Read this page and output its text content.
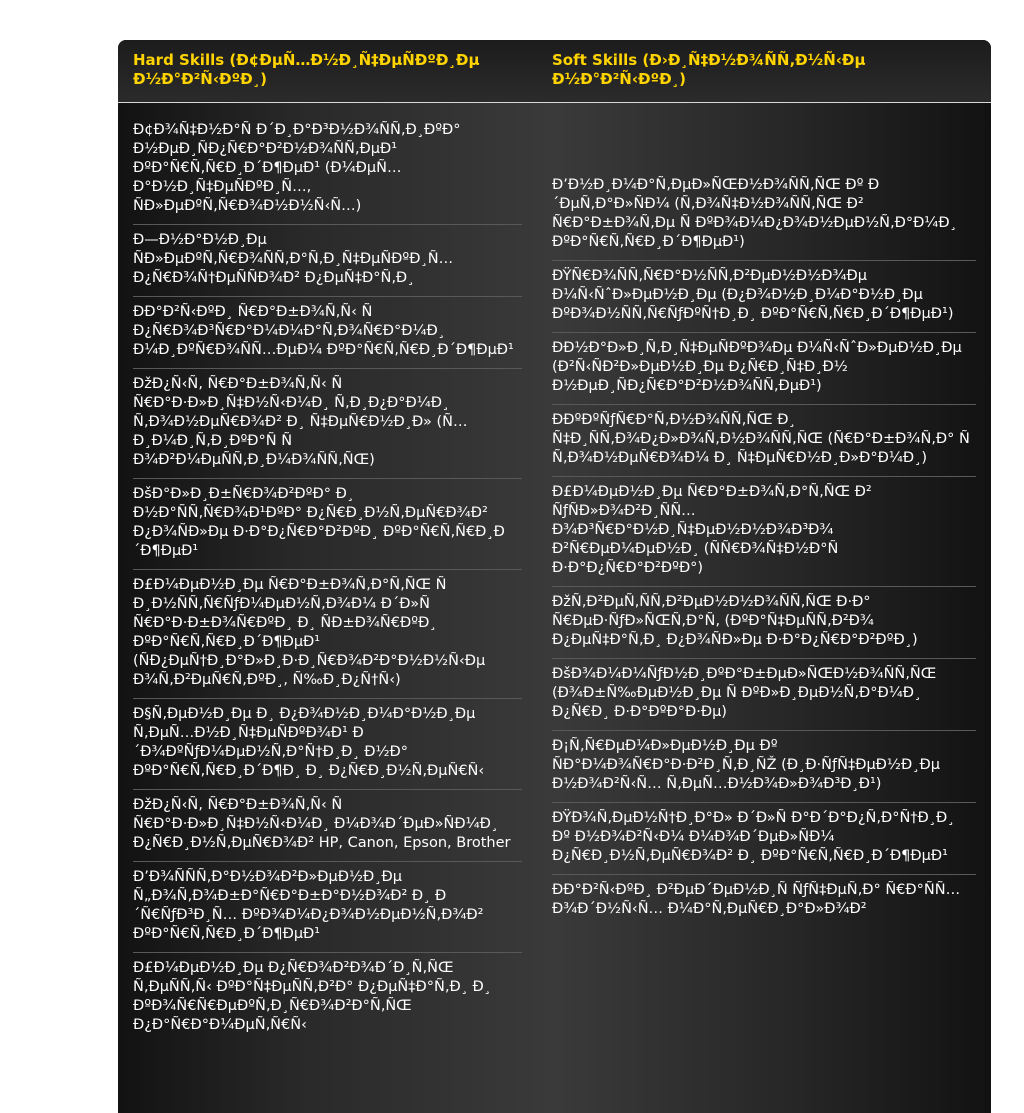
Hard Skills (Ð¢ÐµÑ…Ð½Ð¸Ñ‡ÐµÑÐºÐ¸Ðµ Ð½Ð°Ð²Ñ‹ÐºÐ¸)
Soft Skills (Ð›Ð¸Ñ‡Ð½Ð¾ÑÑ‚Ð½Ñ‹Ðµ Ð½Ð°Ð²Ñ‹ÐºÐ¸)
Ð¢Ð¾Ñ‡Ð½Ð°Ñ Ð´Ð¸Ð°Ð³Ð½Ð¾ÑÑ‚Ð¸ÐºÐ° Ð½ÐµÐ¸ÑÐ¿Ñ€Ð°Ð²Ð½Ð¾ÑÑ‚ÐµÐ¹ ÐºÐ°Ñ€Ñ‚Ñ€Ð¸Ð´Ð¶ÐµÐ¹ (Ð¼ÐµÑ…Ð°Ð½Ð¸Ñ‡ÐµÑÐºÐ¸Ñ…, ÑÐ»ÐµÐºÑ‚Ñ€Ð¾Ð½Ð½Ñ‹Ñ…)
Ð—Ð½Ð°Ð½Ð¸Ðµ ÑÐ»ÐµÐºÑ‚Ñ€Ð¾ÑÑ‚Ð°Ñ‚Ð¸Ñ‡ÐµÑÐºÐ¸Ñ… Ð¿Ñ€Ð¾Ñ†ÐµÑÑÐ¾Ð² Ð¿ÐµÑ‡Ð°Ñ‚Ð¸
ÐÐ°Ð²Ñ‹ÐºÐ¸ Ñ€Ð°Ð±Ð¾Ñ‚Ñ‹ Ñ Ð¿Ñ€Ð¾Ð³Ñ€Ð°Ð¼Ð¼Ð°Ñ‚Ð¾Ñ€Ð°Ð¼Ð¸ Ð¼Ð¸ÐºÑ€Ð¾ÑÑ…ÐµÐ¼ ÐºÐ°Ñ€Ñ‚Ñ€Ð¸Ð´Ð¶ÐµÐ¹
ÐžÐ¿Ñ‹Ñ‚ Ñ€Ð°Ð±Ð¾Ñ‚Ñ‹ Ñ Ñ€Ð°Ð·Ð»Ð¸Ñ‡Ð½Ñ‹Ð¼Ð¸ Ñ‚Ð¸Ð¿Ð°Ð¼Ð¸ Ñ‚Ð¾Ð½ÐµÑ€Ð¾Ð² Ð¸ Ñ‡ÐµÑ€Ð½Ð¸Ð» (Ñ… Ð¸Ð¼Ð¸Ñ‚Ð¸ÐºÐ°Ñ Ñ Ð¾Ð²Ð¼ÐµÑÑ‚Ð¸Ð¼Ð¾ÑÑ‚ÑŒ)
ÐšÐ°Ð»Ð¸Ð±Ñ€Ð¾Ð²ÐºÐ° Ð¸ Ð½Ð°ÑÑ‚Ñ€Ð¾Ð¹ÐºÐ° Ð¿Ñ€Ð¸Ð½Ñ‚ÐµÑ€Ð¾Ð² Ð¿Ð¾ÑÐ»Ðµ Ð·Ð°Ð¿Ñ€Ð°Ð²ÐºÐ¸ ÐºÐ°Ñ€Ñ‚Ñ€Ð¸Ð´Ð¶ÐµÐ¹
Ð£Ð¼ÐµÐ½Ð¸Ðµ Ñ€Ð°Ð±Ð¾Ñ‚Ð°Ñ‚ÑŒ Ñ Ð¸Ð½ÑÑ‚Ñ€ÑƒÐ¼ÐµÐ½Ñ‚Ð¾Ð¼ Ð´Ð»Ñ Ñ€Ð°Ð·Ð±Ð¾Ñ€ÐºÐ¸ Ð¸ ÑÐ±Ð¾Ñ€ÐºÐ¸ ÐºÐ°Ñ€Ñ‚Ñ€Ð¸Ð´Ð¶ÐµÐ¹ (ÑÐ¿ÐµÑ†Ð¸Ð°Ð»Ð¸Ð·Ð¸Ñ€Ð¾Ð²Ð°Ð½Ð½Ñ‹Ðµ Ð¾Ñ‚Ð²ÐµÑ€Ñ‚ÐºÐ¸, Ñ‰Ð¸Ð¿Ñ†Ñ‹)
Ð§Ñ‚ÐµÐ½Ð¸Ðµ Ð¸ Ð¿Ð¾Ð½Ð¸Ð¼Ð°Ð½Ð¸Ðµ Ñ‚ÐµÑ…Ð½Ð¸Ñ‡ÐµÑÐºÐ¾Ð¹ Ð´Ð¾ÐºÑƒÐ¼ÐµÐ½Ñ‚Ð°Ñ†Ð¸Ð¸ Ð½Ð° ÐºÐ°Ñ€Ñ‚Ñ€Ð¸Ð´Ð¶Ð¸ Ð¸ Ð¿Ñ€Ð¸Ð½Ñ‚ÐµÑ€Ñ‹
ÐžÐ¿Ñ‹Ñ‚ Ñ€Ð°Ð±Ð¾Ñ‚Ñ‹ Ñ Ñ€Ð°Ð·Ð»Ð¸Ñ‡Ð½Ñ‹Ð¼Ð¸ Ð¼Ð¾Ð´ÐµÐ»ÑÐ¼Ð¸ Ð¿Ñ€Ð¸Ð½Ñ‚ÐµÑ€Ð¾Ð² HP, Canon, Epson, Brother
Ð’Ð¾ÑÑÑ‚Ð°Ð½Ð¾Ð²Ð»ÐµÐ½Ð¸Ðµ Ñ„Ð¾Ñ‚Ð¾Ð±Ð°Ñ€Ð°Ð±Ð°Ð½Ð¾Ð² Ð¸ Ð´Ñ€ÑƒÐ³Ð¸Ñ… ÐºÐ¾Ð¼Ð¿Ð¾Ð½ÐµÐ½Ñ‚Ð¾Ð² ÐºÐ°Ñ€Ñ‚Ñ€Ð¸Ð´Ð¶ÐµÐ¹
Ð£Ð¼ÐµÐ½Ð¸Ðµ Ð¿Ñ€Ð¾Ð²Ð¾Ð´Ð¸Ñ‚ÑŒ Ñ‚ÐµÑÑ‚Ñ‹ ÐºÐ°Ñ‡ÐµÑÑ‚Ð²Ð° Ð¿ÐµÑ‡Ð°Ñ‚Ð¸ Ð¸ ÐºÐ¾Ñ€Ñ€ÐµÐºÑ‚Ð¸Ñ€Ð¾Ð²Ð°Ñ‚ÑŒ Ð¿Ð°Ñ€Ð°Ð¼ÐµÑ‚Ñ€Ñ‹
Ð’Ð½Ð¸Ð¼Ð°Ñ‚ÐµÐ»ÑŒÐ½Ð¾ÑÑ‚ÑŒ Ðº Ð´ÐµÑ‚Ð°Ð»ÑÐ¼ (Ñ‚Ð¾Ñ‡Ð½Ð¾ÑÑ‚ÑŒ Ð² Ñ€Ð°Ð±Ð¾Ñ‚Ðµ Ñ ÐºÐ¾Ð¼Ð¿Ð¾Ð½ÐµÐ½Ñ‚Ð°Ð¼Ð¸ ÐºÐ°Ñ€Ñ‚Ñ€Ð¸Ð´Ð¶ÐµÐ¹)
ÐŸÑ€Ð¾ÑÑ‚Ñ€Ð°Ð½ÑÑ‚Ð²ÐµÐ½Ð½Ð¾Ðµ Ð¼Ñ‹ÑˆÐ»ÐµÐ½Ð¸Ðµ (Ð¿Ð¾Ð½Ð¸Ð¼Ð°Ð½Ð¸Ðµ ÐºÐ¾Ð½ÑÑ‚Ñ€ÑƒÐºÑ†Ð¸Ð¸ ÐºÐ°Ñ€Ñ‚Ñ€Ð¸Ð´Ð¶ÐµÐ¹)
ÐÐ½Ð°Ð»Ð¸Ñ‚Ð¸Ñ‡ÐµÑÐºÐ¾Ðµ Ð¼Ñ‹ÑˆÐ»ÐµÐ½Ð¸Ðµ (Ð²Ñ‹ÑÐ²Ð»ÐµÐ½Ð¸Ðµ Ð¿Ñ€Ð¸Ñ‡Ð¸Ð½ Ð½ÐµÐ¸ÑÐ¿Ñ€Ð°Ð²Ð½Ð¾ÑÑ‚ÐµÐ¹)
ÐÐºÐºÑƒÑ€Ð°Ñ‚Ð½Ð¾ÑÑ‚ÑŒ Ð¸ Ñ‡Ð¸ÑÑ‚Ð¾Ð¿Ð»Ð¾Ñ‚Ð½Ð¾ÑÑ‚ÑŒ (Ñ€Ð°Ð±Ð¾Ñ‚Ð° Ñ Ñ‚Ð¾Ð½ÐµÑ€Ð¾Ð¼ Ð¸ Ñ‡ÐµÑ€Ð½Ð¸Ð»Ð°Ð¼Ð¸)
Ð£Ð¼ÐµÐ½Ð¸Ðµ Ñ€Ð°Ð±Ð¾Ñ‚Ð°Ñ‚ÑŒ Ð² ÑƒÑÐ»Ð¾Ð²Ð¸ÑÑ… Ð¾Ð³Ñ€Ð°Ð½Ð¸Ñ‡ÐµÐ½Ð½Ð¾Ð³Ð¾ Ð²Ñ€ÐµÐ¼ÐµÐ½Ð¸ (ÑÑ€Ð¾Ñ‡Ð½Ð°Ñ Ð·Ð°Ð¿Ñ€Ð°Ð²ÐºÐ°)
ÐžÑ‚Ð²ÐµÑ‚ÑÑ‚Ð²ÐµÐ½Ð½Ð¾ÑÑ‚ÑŒ Ð·Ð° Ñ€ÐµÐ·ÑƒÐ»ÑŒÑ‚Ð°Ñ‚ (ÐºÐ°Ñ‡ÐµÑÑ‚Ð²Ð¾ Ð¿ÐµÑ‡Ð°Ñ‚Ð¸ Ð¿Ð¾ÑÐ»Ðµ Ð·Ð°Ð¿Ñ€Ð°Ð²ÐºÐ¸)
ÐšÐ¾Ð¼Ð¼ÑƒÐ½Ð¸ÐºÐ°Ð±ÐµÐ»ÑŒÐ½Ð¾ÑÑ‚ÑŒ (Ð¾Ð±Ñ‰ÐµÐ½Ð¸Ðµ Ñ ÐºÐ»Ð¸ÐµÐ½Ñ‚Ð°Ð¼Ð¸ Ð¿Ñ€Ð¸ Ð·Ð°ÐºÐ°Ð·Ðµ)
Ð¡Ñ‚Ñ€ÐµÐ¼Ð»ÐµÐ½Ð¸Ðµ Ðº ÑÐ°Ð¼Ð¾Ñ€Ð°Ð·Ð²Ð¸Ñ‚Ð¸ÑŽ (Ð¸Ð·ÑƒÑ‡ÐµÐ½Ð¸Ðµ Ð½Ð¾Ð²Ñ‹Ñ… Ñ‚ÐµÑ…Ð½Ð¾Ð»Ð¾Ð³Ð¸Ð¹)
ÐŸÐ¾Ñ‚ÐµÐ½Ñ†Ð¸Ð°Ð» Ð´Ð»Ñ Ð°Ð´Ð°Ð¿Ñ‚Ð°Ñ†Ð¸Ð¸ Ðº Ð½Ð¾Ð²Ñ‹Ð¼ Ð¼Ð¾Ð´ÐµÐ»ÑÐ¼ Ð¿Ñ€Ð¸Ð½Ñ‚ÐµÑ€Ð¾Ð² Ð¸ ÐºÐ°Ñ€Ñ‚Ñ€Ð¸Ð´Ð¶ÐµÐ¹
ÐÐ°Ð²Ñ‹ÐºÐ¸ Ð²ÐµÐ´ÐµÐ½Ð¸Ñ ÑƒÑ‡ÐµÑ‚Ð° Ñ€Ð°ÑÑ…Ð¾Ð´Ð½Ñ‹Ñ… Ð¼Ð°Ñ‚ÐµÑ€Ð¸Ð°Ð»Ð¾Ð²
